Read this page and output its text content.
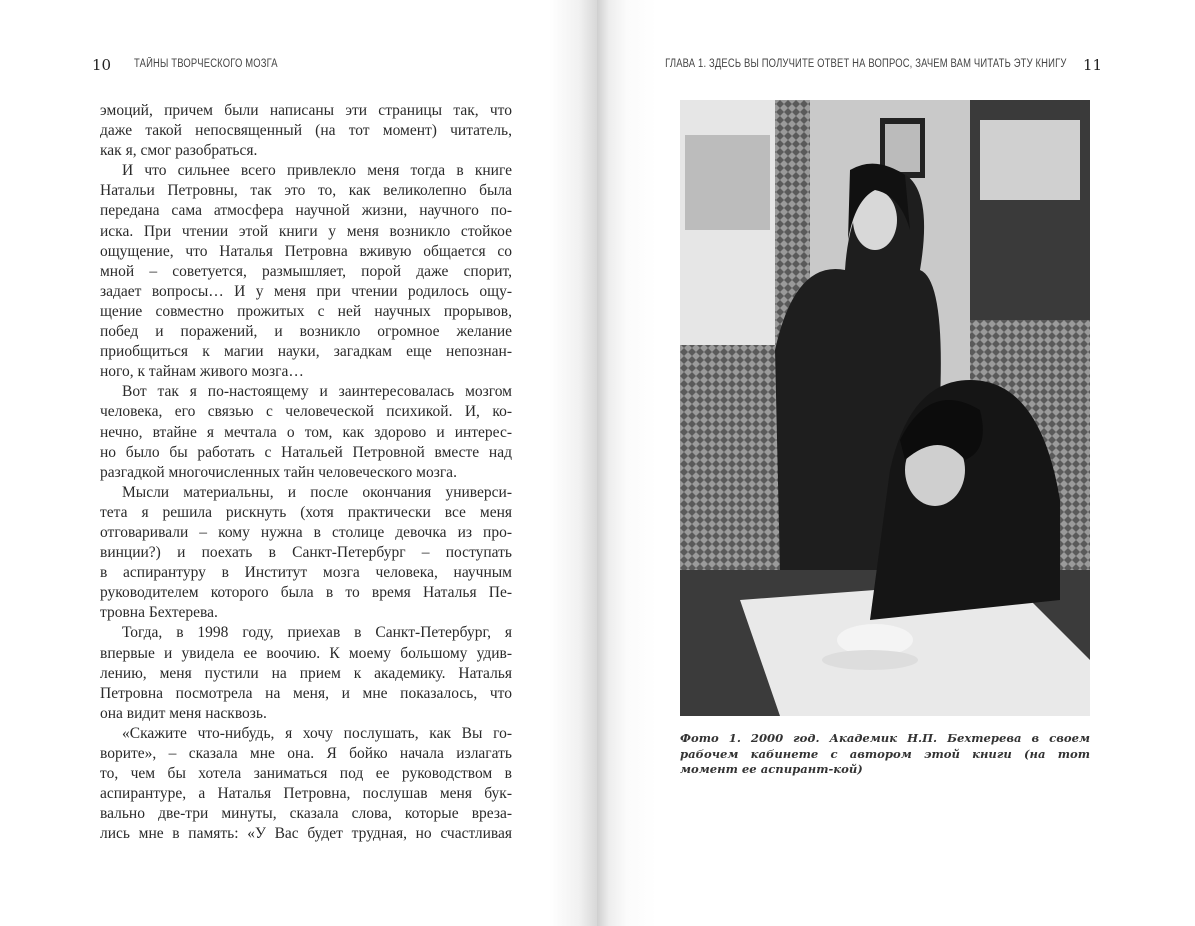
10 ТАЙНЫ ТВОРЧЕСКОГО МОЗГА
эмоций, причем были написаны эти страницы так, что
даже такой непосвященный (на тот момент) читатель,
как я, смог разобраться.
И что сильнее всего привлекло меня тогда в книге
Натальи Петровны, так это то, как великолепно была
передана сама атмосфера научной жизни, научного по-
иска. При чтении этой книги у меня возникло стойкое
ощущение, что Наталья Петровна вживую общается со
мной – советуется, размышляет, порой даже спорит,
задает вопросы… И у меня при чтении родилось ощу-
щение совместно прожитых с ней научных прорывов,
побед и поражений, и возникло огромное желание
приобщиться к магии науки, загадкам еще непознан-
ного, к тайнам живого мозга…
Вот так я по-настоящему и заинтересовалась мозгом
человека, его связью с человеческой психикой. И, ко-
нечно, втайне я мечтала о том, как здорово и интерес-
но было бы работать с Натальей Петровной вместе над
разгадкой многочисленных тайн человеческого мозга.
Мысли материальны, и после окончания универси-
тета я решила рискнуть (хотя практически все меня
отговаривали – кому нужна в столице девочка из про-
винции?) и поехать в Санкт-Петербург – поступать
в аспирантуру в Институт мозга человека, научным
руководителем которого была в то время Наталья Пе-
тровна Бехтерева.
Тогда, в 1998 году, приехав в Санкт-Петербург, я
впервые и увидела ее воочию. К моему большому удив-
лению, меня пустили на прием к академику. Наталья
Петровна посмотрела на меня, и мне показалось, что
она видит меня насквозь.
«Скажите что-нибудь, я хочу послушать, как Вы го-
ворите», – сказала мне она. Я бойко начала излагать
то, чем бы хотела заниматься под ее руководством в
аспирантуре, а Наталья Петровна, послушав меня бук-
вально две-три минуты, сказала слова, которые вреза-
лись мне в память: «У Вас будет трудная, но счастливая
ГЛАВА 1. ЗДЕСЬ ВЫ ПОЛУЧИТЕ ОТВЕТ НА ВОПРОС, ЗАЧЕМ ВАМ ЧИТАТЬ ЭТУ КНИГУ 11
Фото 1. 2000 год. Академик Н.П. Бехтерева в своем рабочем кабинете с автором этой книги (на тот момент ее аспирант-кой)
